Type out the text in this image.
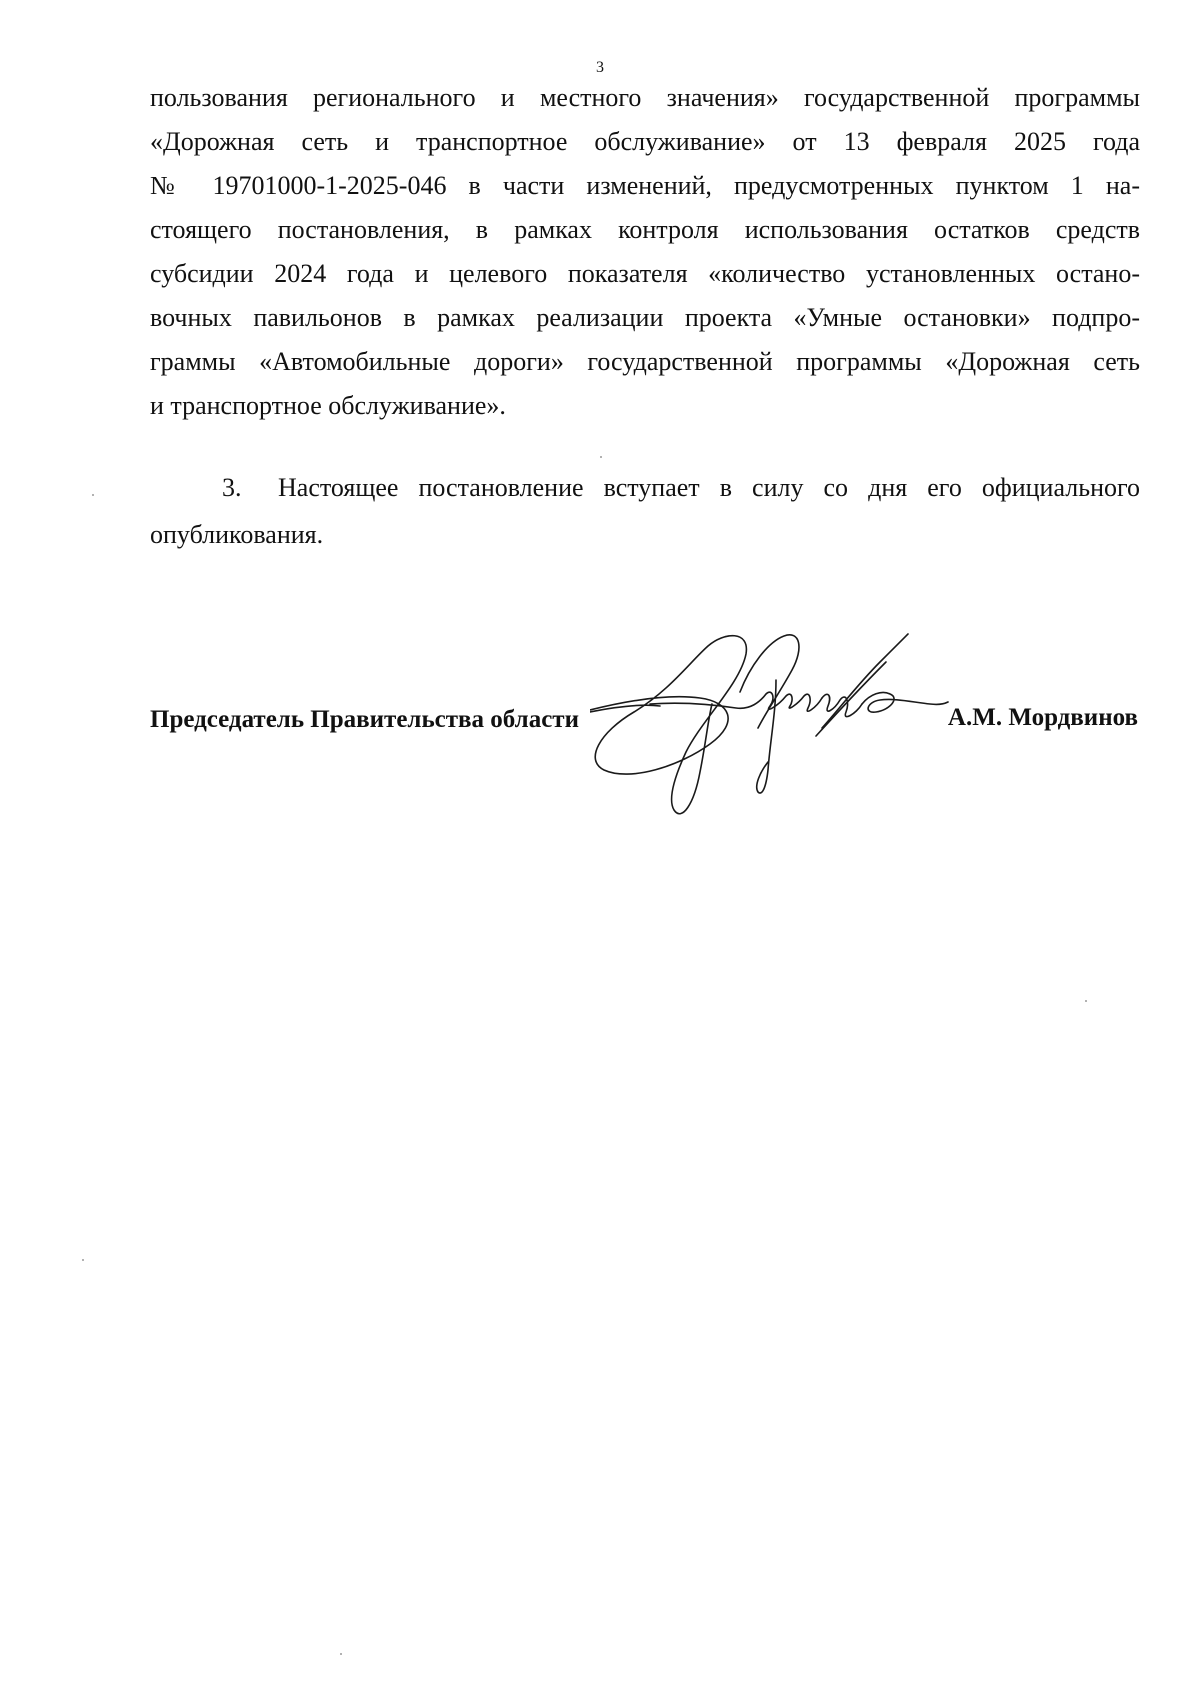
3

пользования регионального и местного значения» государственной программы

«Дорожная сеть и транспортное обслуживание» от 13 февраля 2025 года

№ 19701000-1-2025-046 в части изменений, предусмотренных пунктом 1 на-

стоящего постановления, в рамках контроля использования остатков средств

субсидии 2024 года и целевого показателя «количество установленных остано-

вочных павильонов в рамках реализации проекта «Умные остановки» подпро-

граммы «Автомобильные дороги» государственной программы «Дорожная сеть

и транспортное обслуживание».

3.	Настоящее постановление вступает в силу со дня его официального

опубликования.

Председатель Правительства области	А.М. Мордвинов
